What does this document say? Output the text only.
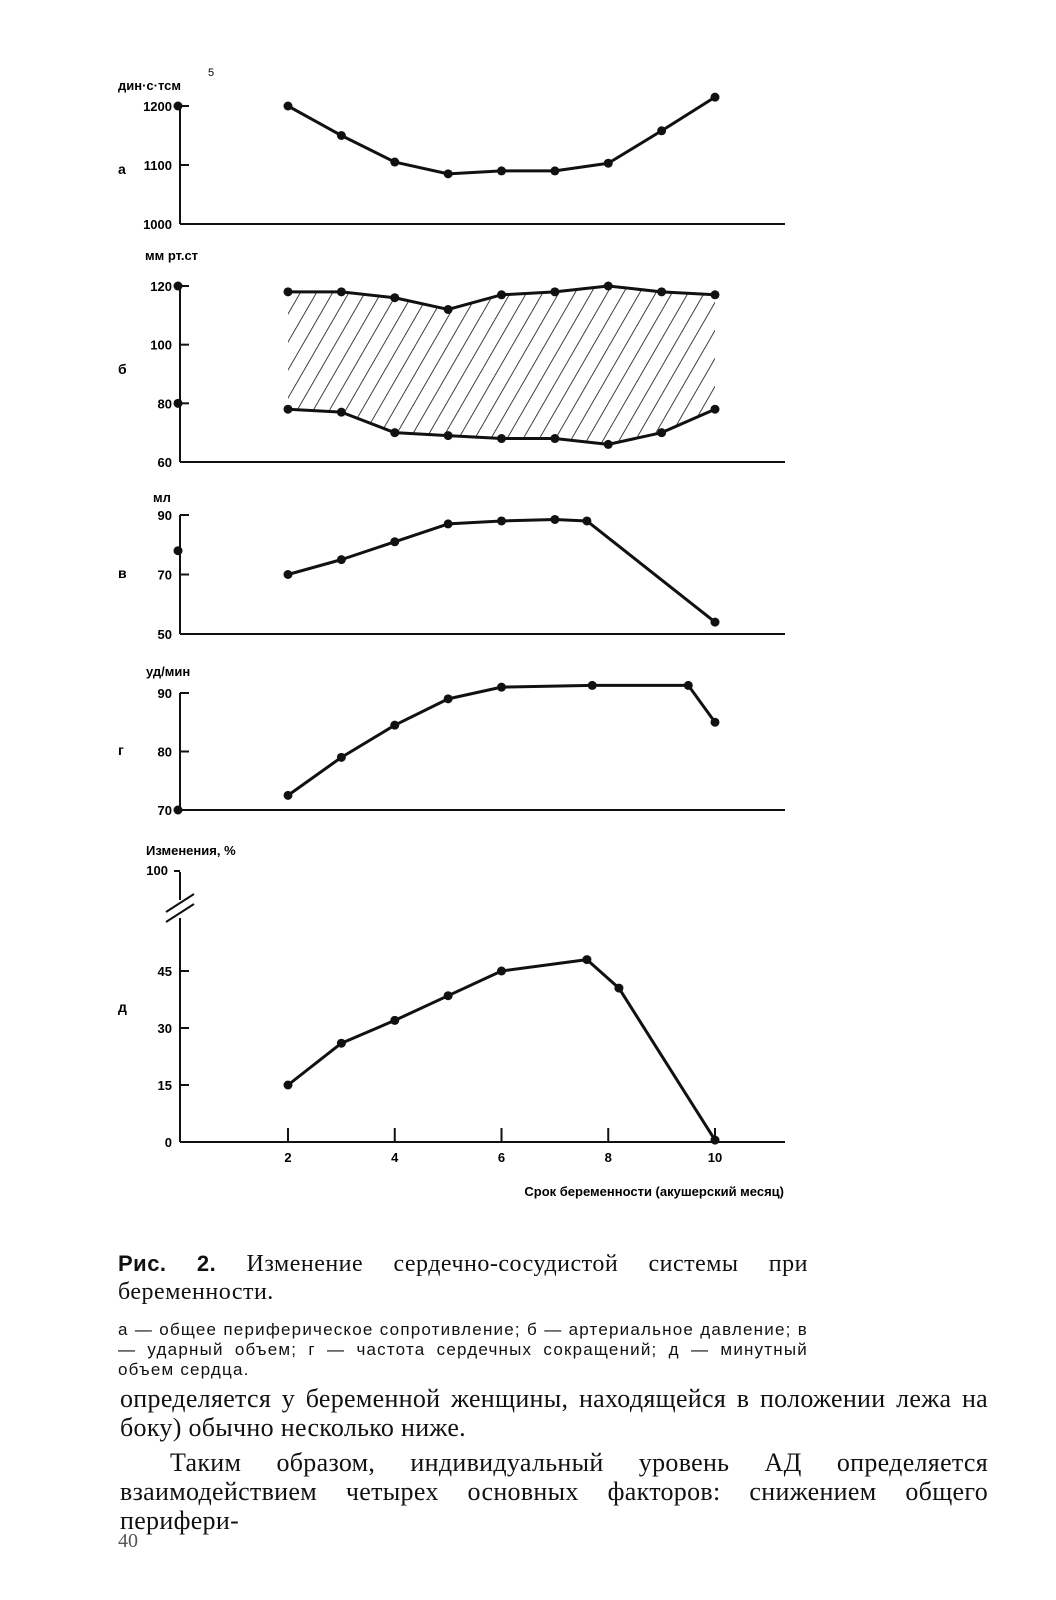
а
дин·с·тсм
5
1000
1100
1200
б
мм рт.ст
60
80
100
120
в
мл
50
70
90
г
уд/мин
70
80
90
д
Изменения, %
100
0
15
30
45
2	4	6	8	10
Срок беременности (акушерский месяц)
Рис. 2. Изменение сердечно-сосудистой системы при беременности.
а — общее периферическое сопротивление; б — артериальное давление; в — ударный объем; г — частота сердечных сокращений; д — минутный объем сердца.
определяется у беременной женщины, находящейся в положении лежа на боку) обычно несколько ниже.
Таким образом, индивидуальный уровень АД определяется взаимодействием четырех основных факторов: снижением общего перифери-
40
